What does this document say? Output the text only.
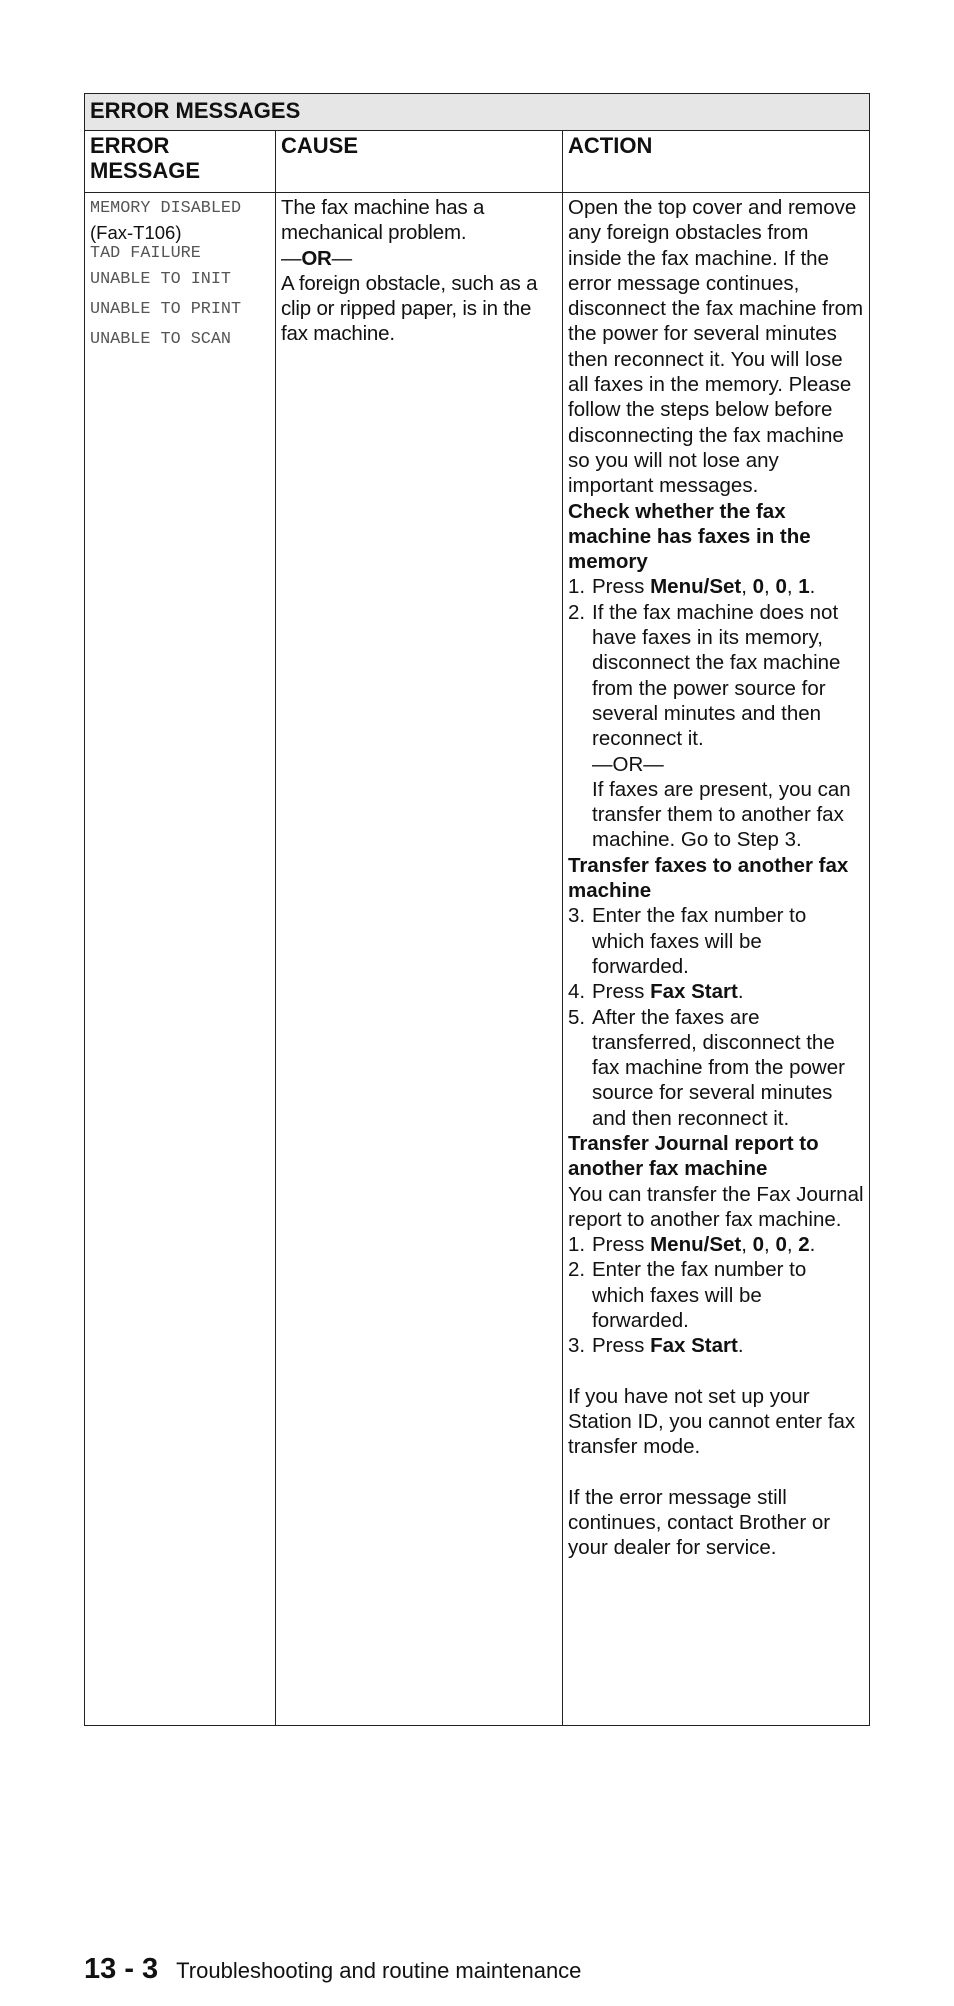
ERROR MESSAGES
ERROR MESSAGE
CAUSE	ACTION
MEMORY DISABLED
(Fax-T106)
TAD FAILURE
UNABLE TO INIT
UNABLE TO PRINT
UNABLE TO SCAN
The fax machine has a mechanical problem.
—OR—
A foreign obstacle, such as a clip or ripped paper, is in the fax machine.
Open the top cover and remove any foreign obstacles from inside the fax machine. If the error message continues, disconnect the fax machine from the power for several minutes then reconnect it. You will lose all faxes in the memory. Please follow the steps below before disconnecting the fax machine so you will not lose any important messages.
Check whether the fax machine has faxes in the memory
1. Press Menu/Set, 0, 0, 1.
2. If the fax machine does not have faxes in its memory, disconnect the fax machine from the power source for several minutes and then reconnect it.
—OR—
If faxes are present, you can transfer them to another fax machine. Go to Step 3.
Transfer faxes to another fax machine
3. Enter the fax number to which faxes will be forwarded.
4. Press Fax Start.
5. After the faxes are transferred, disconnect the fax machine from the power source for several minutes and then reconnect it.
Transfer Journal report to another fax machine
You can transfer the Fax Journal report to another fax machine.
1. Press Menu/Set, 0, 0, 2.
2. Enter the fax number to which faxes will be forwarded.
3. Press Fax Start.
If you have not set up your Station ID, you cannot enter fax transfer mode.
If the error message still continues, contact Brother or your dealer for service.
13 - 3 Troubleshooting and routine maintenance
